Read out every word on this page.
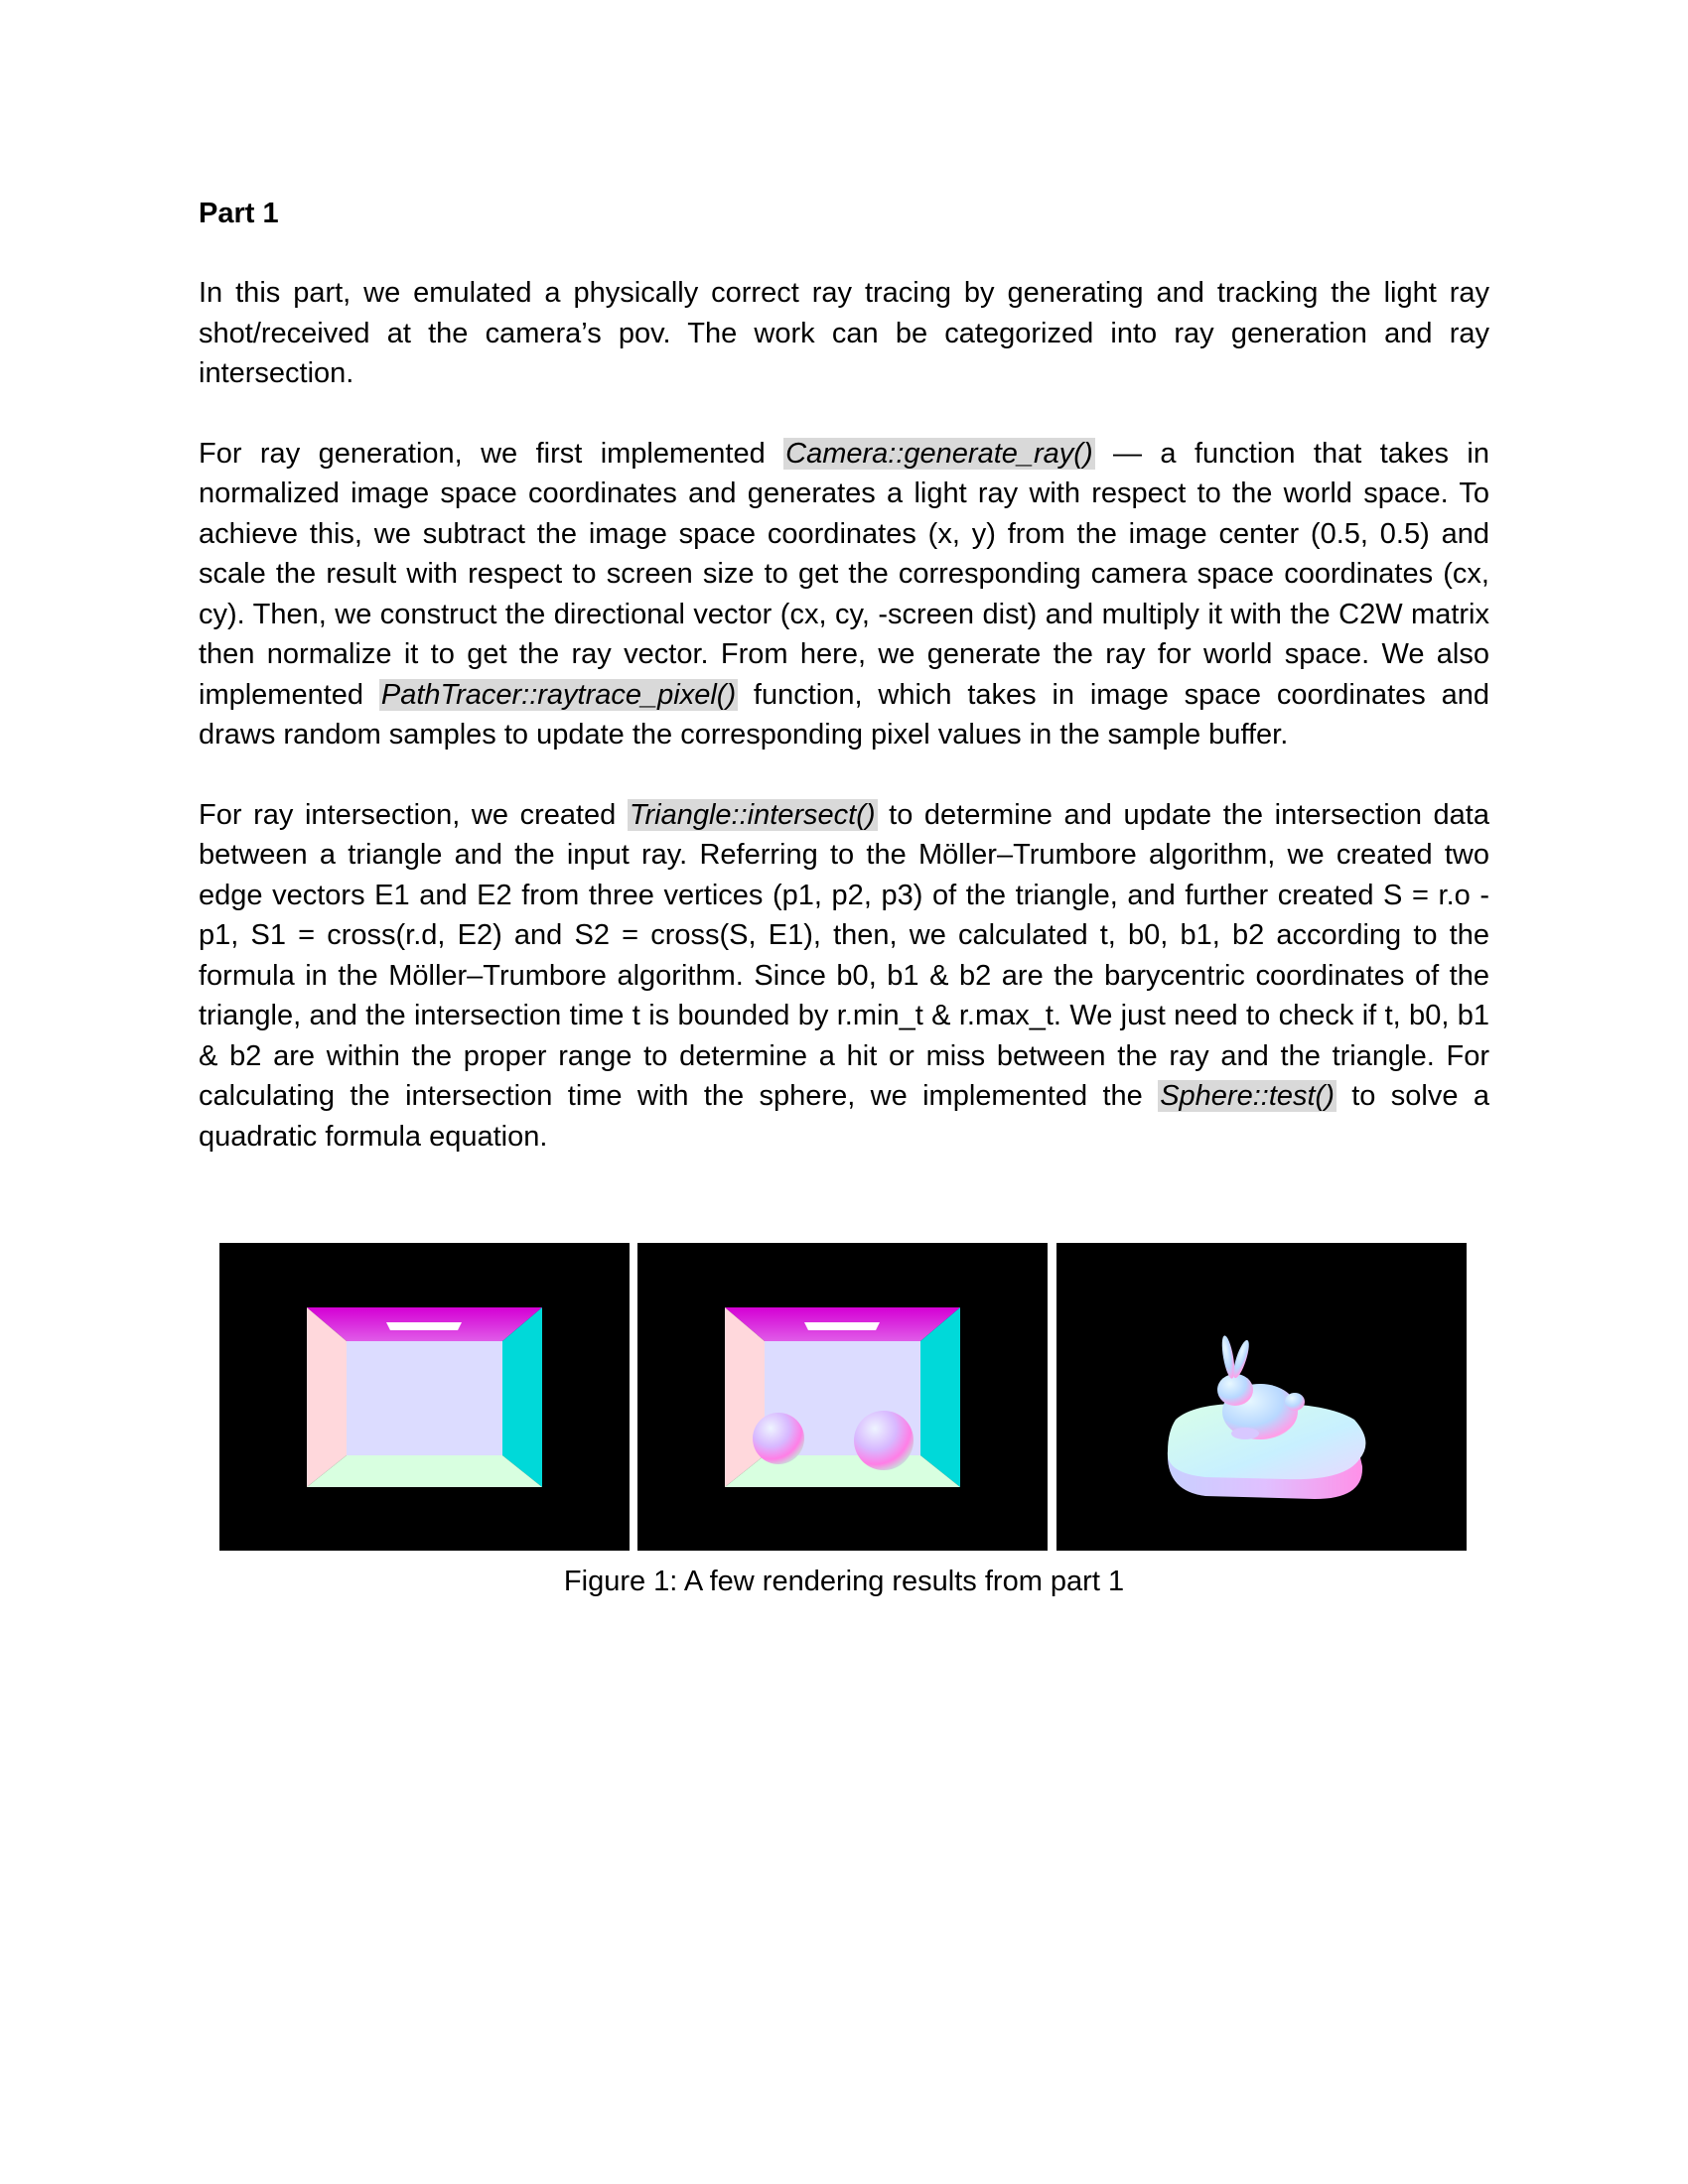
Part 1

In this part, we emulated a physically correct ray tracing by generating and tracking the light ray shot/received at the camera’s pov. The work can be categorized into ray generation and ray intersection.

For ray generation, we first implemented Camera::generate_ray() — a function that takes in normalized image space coordinates and generates a light ray with respect to the world space. To achieve this, we subtract the image space coordinates (x, y) from the image center (0.5, 0.5) and scale the result with respect to screen size to get the corresponding camera space coordinates (cx, cy). Then, we construct the directional vector (cx, cy, -screen dist) and multiply it with the C2W matrix then normalize it to get the ray vector. From here, we generate the ray for world space. We also implemented PathTracer::raytrace_pixel() function, which takes in image space coordinates and draws random samples to update the corresponding pixel values in the sample buffer.

For ray intersection, we created Triangle::intersect() to determine and update the intersection data between a triangle and the input ray. Referring to the Möller–Trumbore algorithm, we created two edge vectors E1 and E2 from three vertices (p1, p2, p3) of the triangle, and further created S = r.o - p1, S1 = cross(r.d, E2) and S2 = cross(S, E1), then, we calculated t, b0, b1, b2 according to the formula in the Möller–Trumbore algorithm. Since b0, b1 & b2 are the barycentric coordinates of the triangle, and the intersection time t is bounded by r.min_t & r.max_t. We just need to check if t, b0, b1 & b2 are within the proper range to determine a hit or miss between the ray and the triangle. For calculating the intersection time with the sphere, we implemented the Sphere::test() to solve a quadratic formula equation.

Figure 1: A few rendering results from part 1
